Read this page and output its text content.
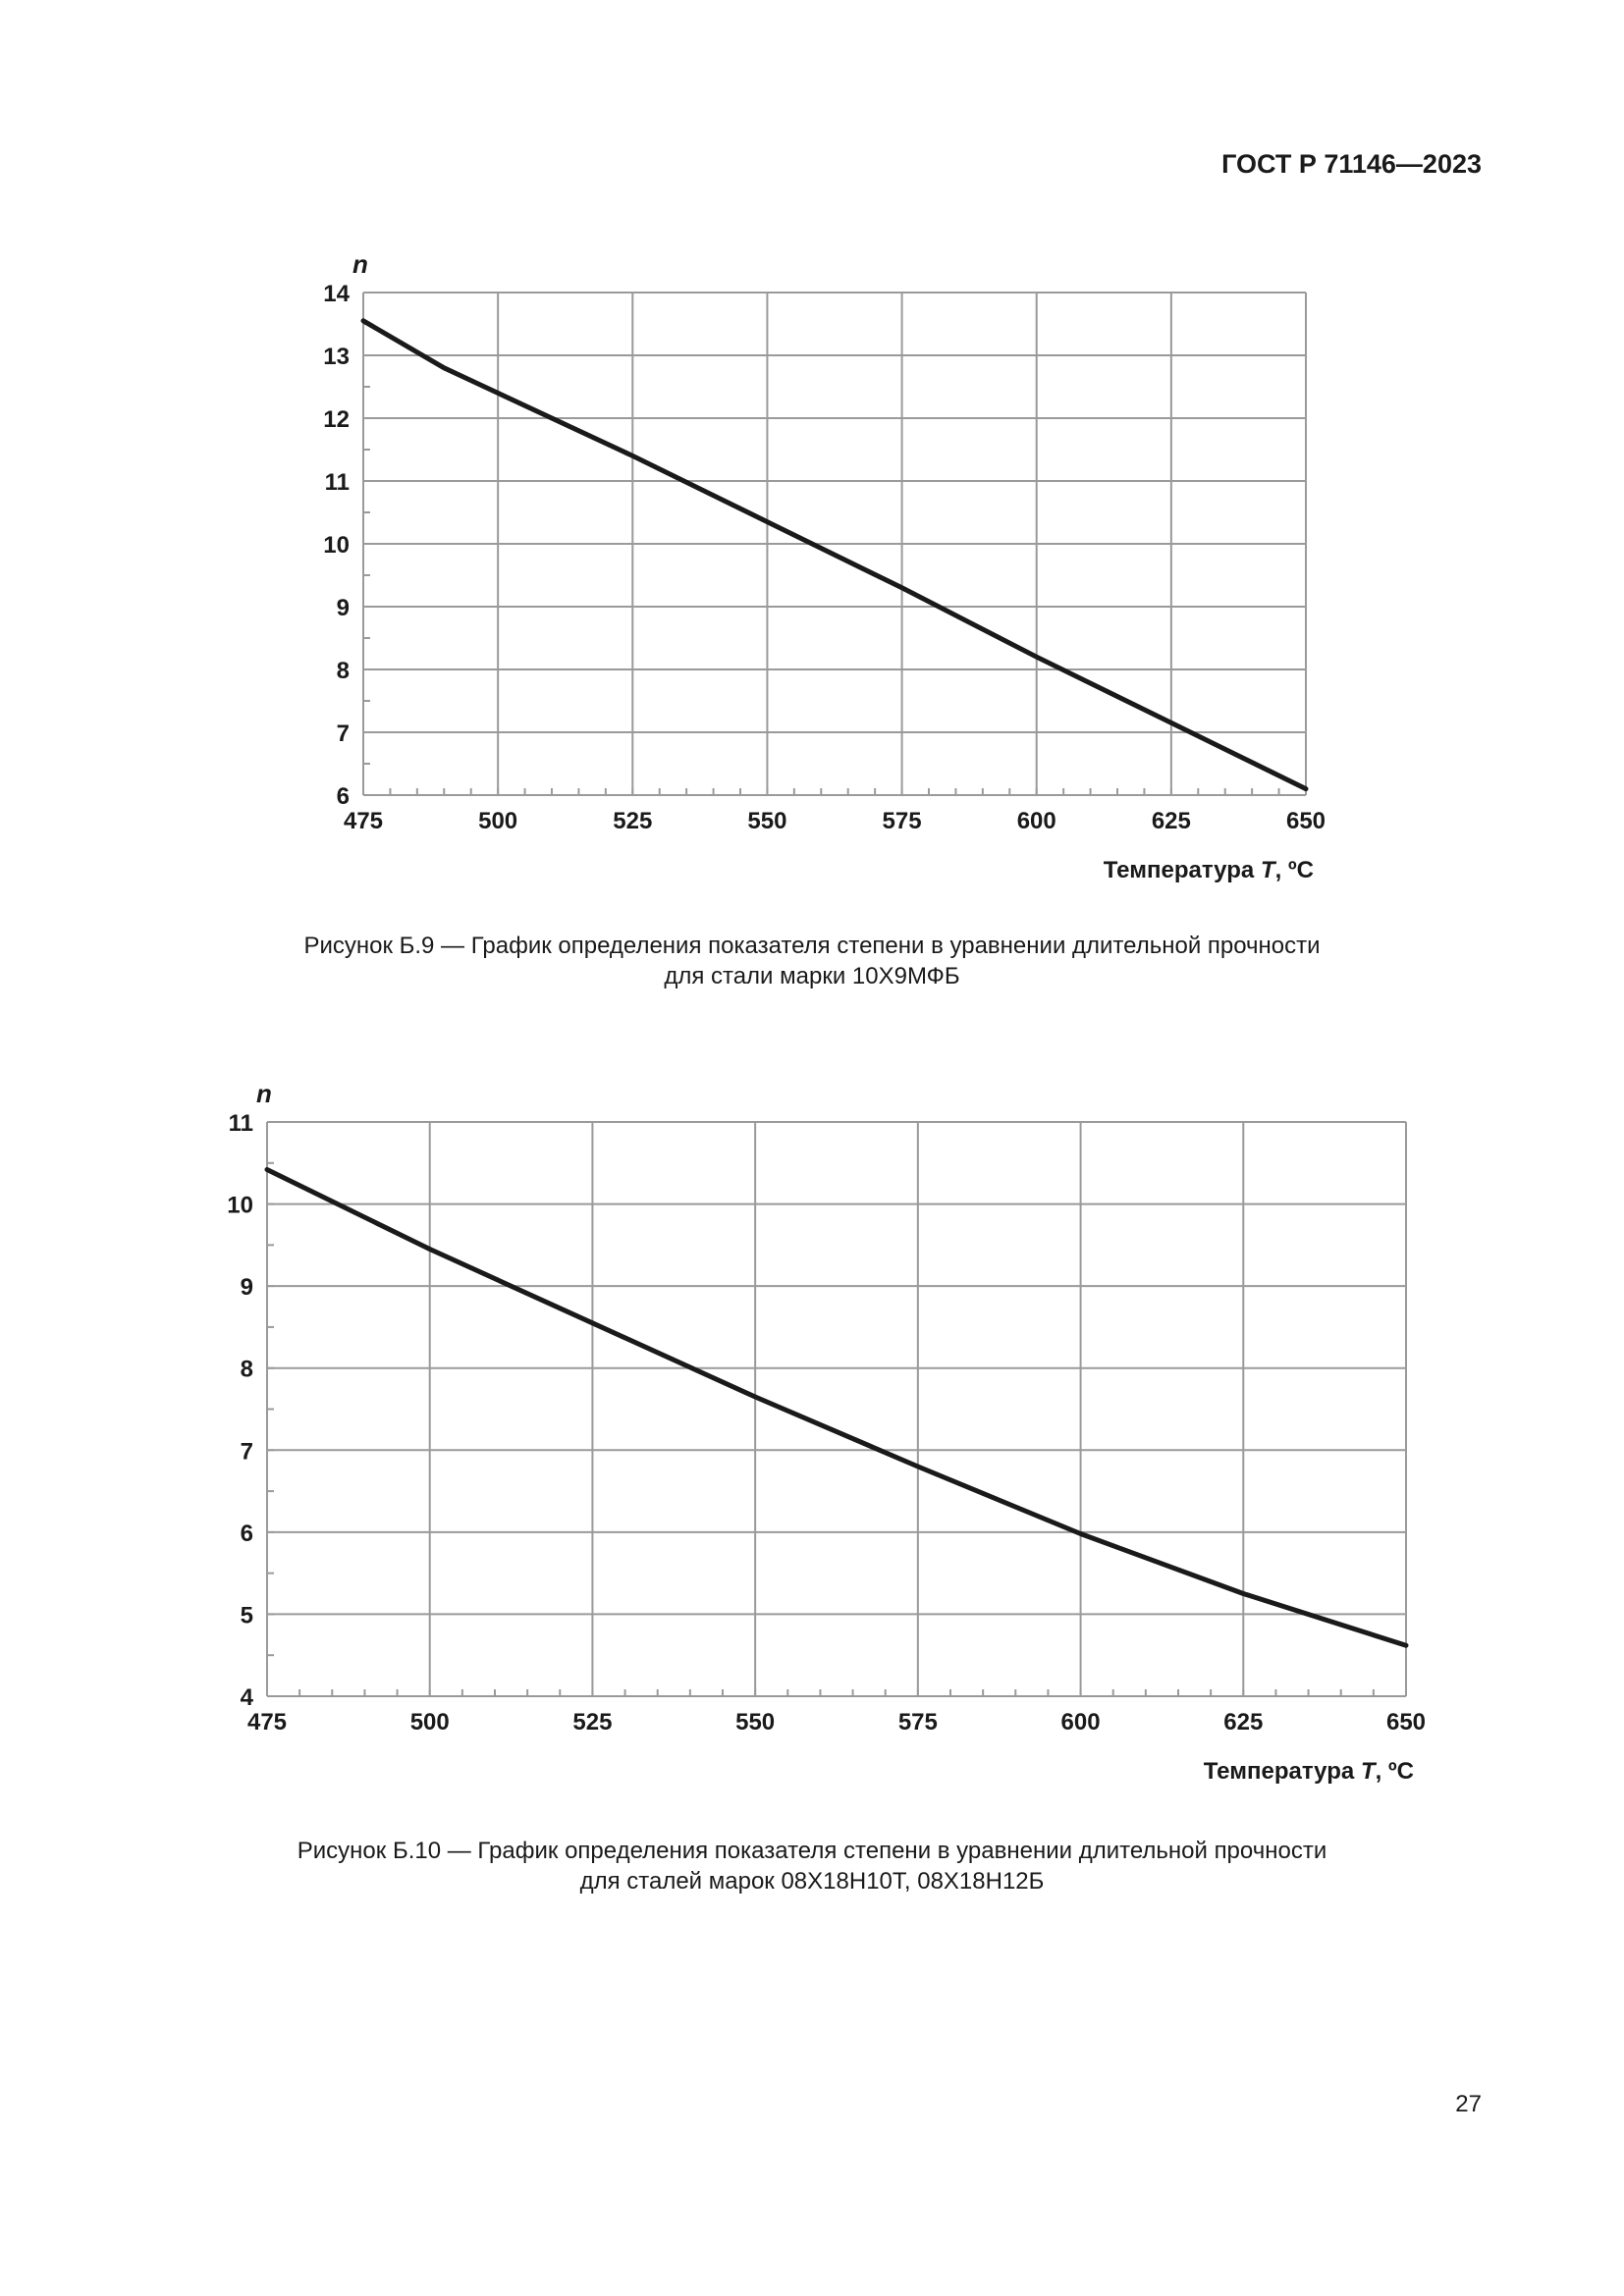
ГОСТ Р 71146—2023
475	500	525	550	575	600	625	650
6
7
8
9
10
11
12
13
14
n
Температура T, ºC
Рисунок Б.9 — График определения показателя степени в уравнении длительной прочности
для стали марки 10Х9МФБ
475	500	525	550	575	600	625	650
4
5
6
7
8
9
10
11
n
Температура T, ºC
Рисунок Б.10 — График определения показателя степени в уравнении длительной прочности
для сталей марок 08Х18Н10Т, 08Х18Н12Б
27
